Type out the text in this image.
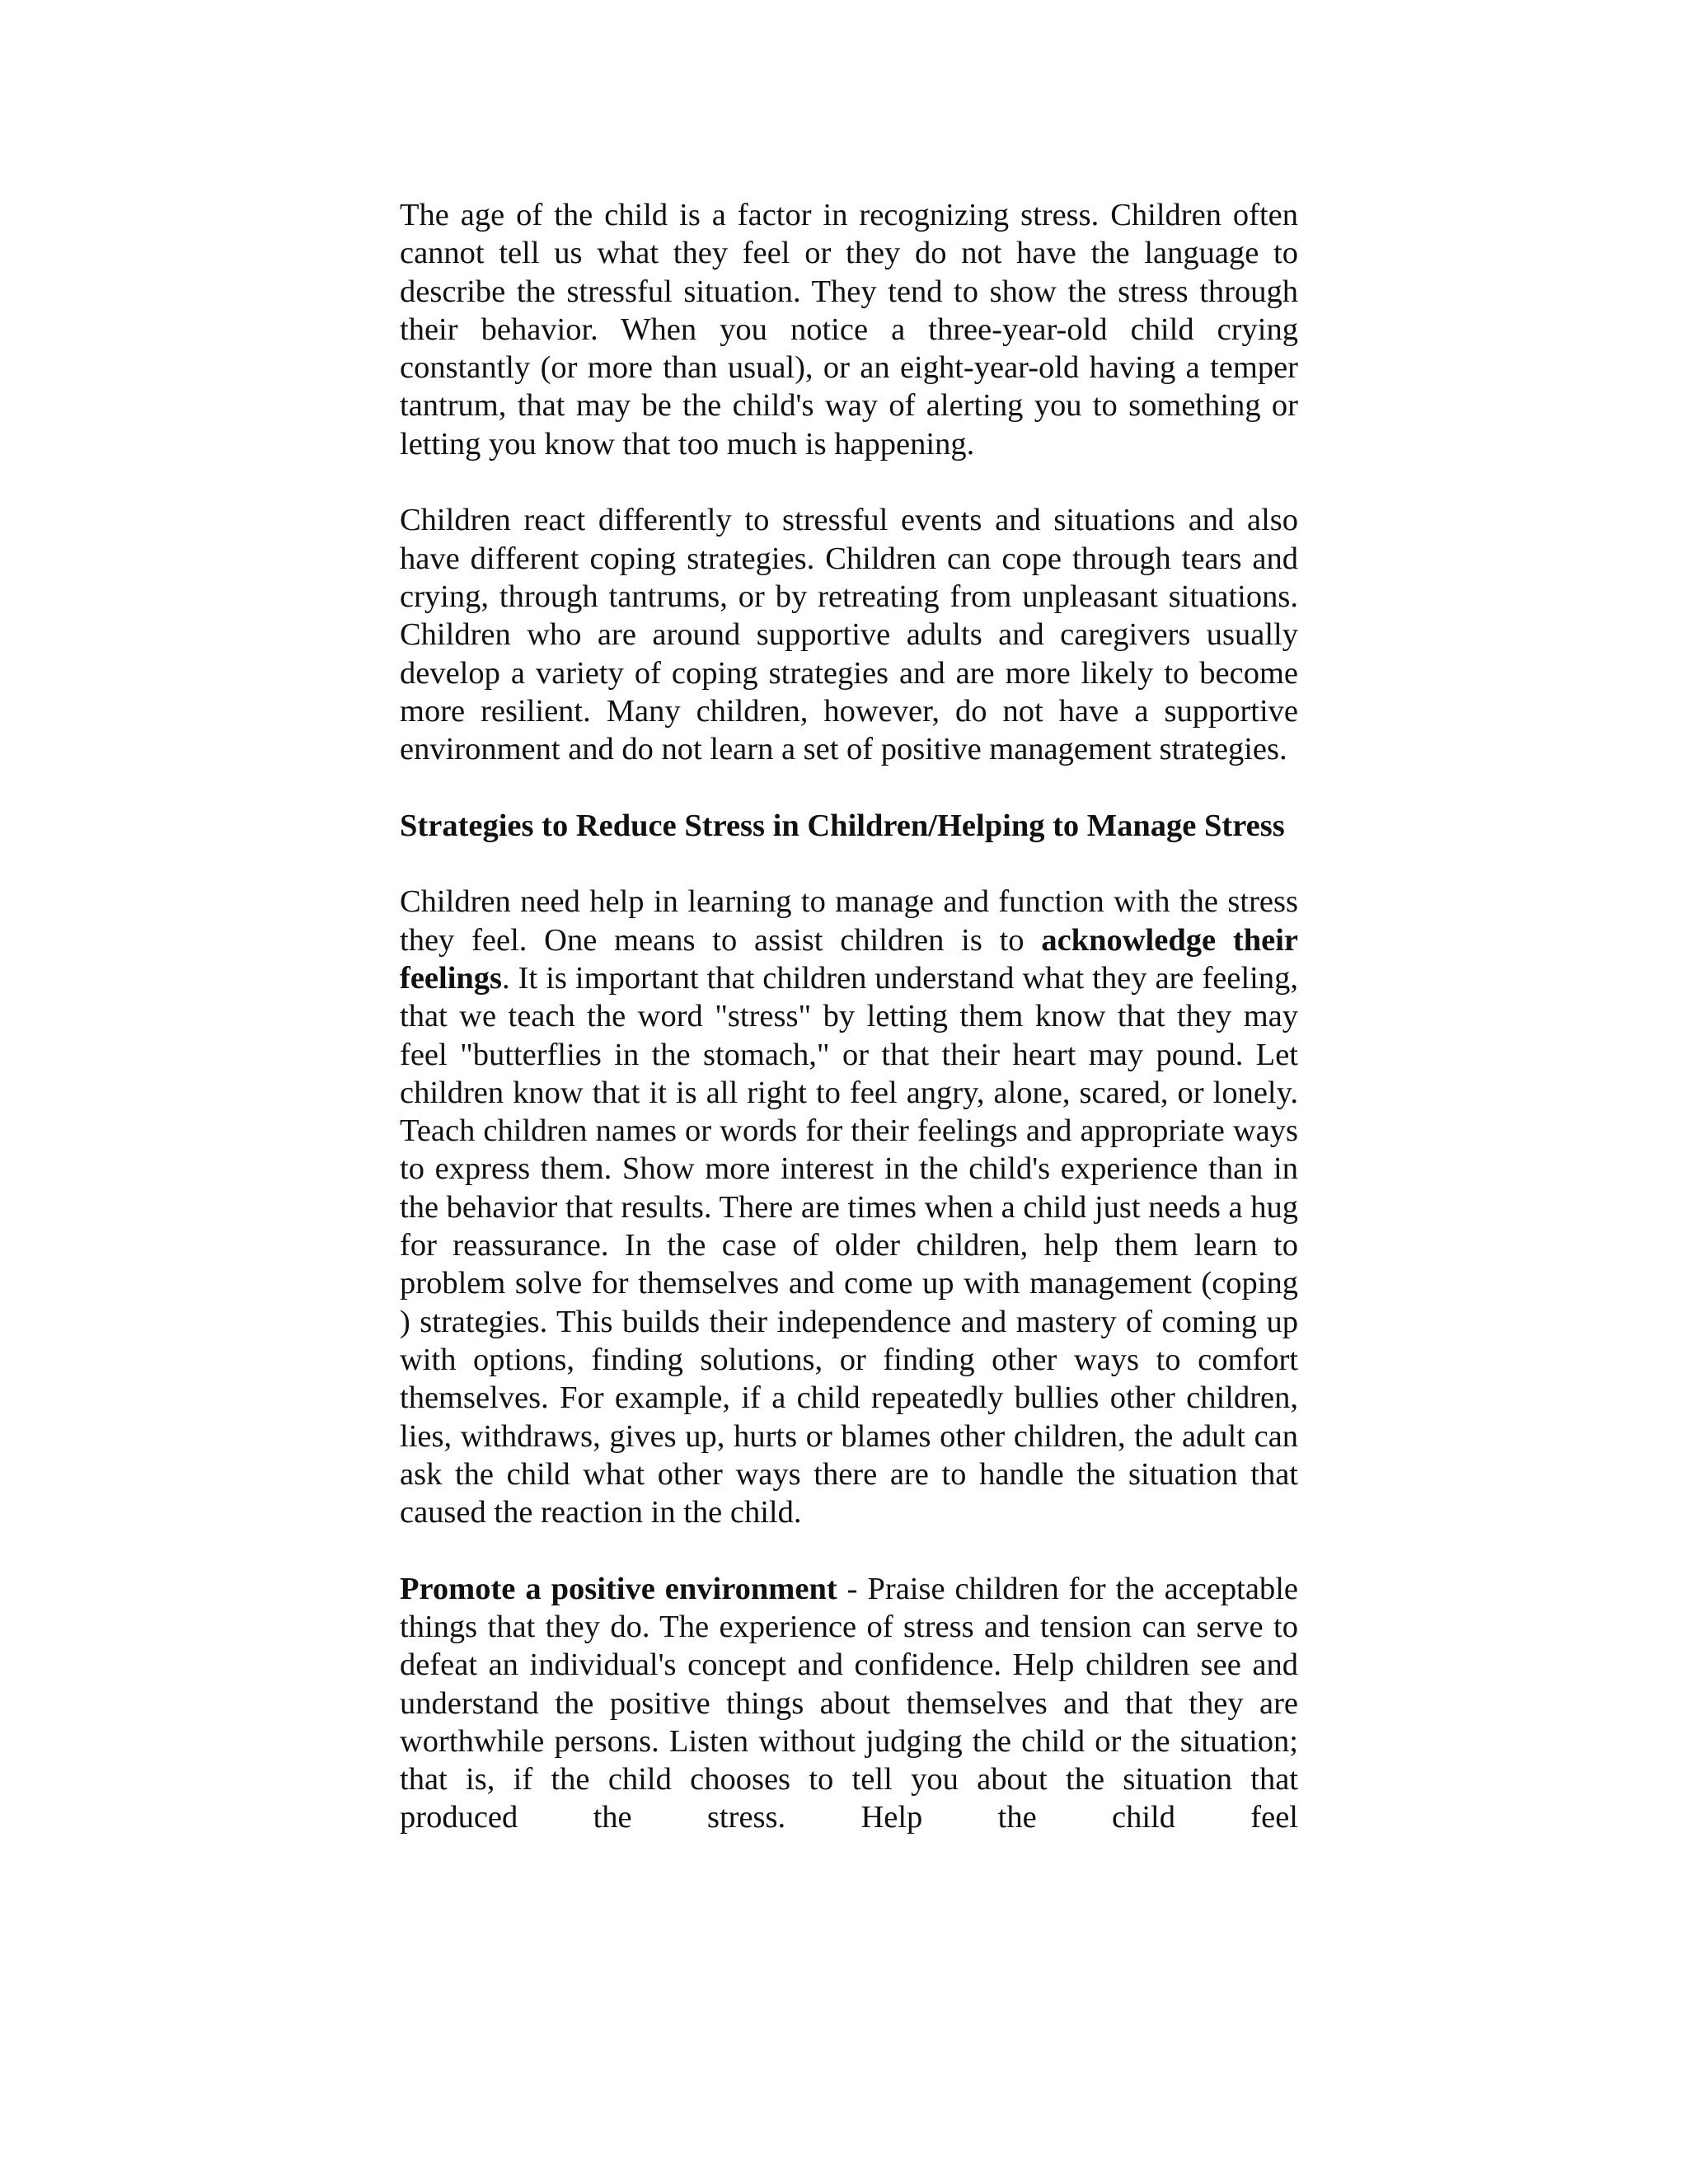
The age of the child is a factor in recognizing stress. Children often cannot tell us what they feel or they do not have the language to describe the stressful situation. They tend to show the stress through their behavior. When you notice a three-year-old child crying constantly (or more than usual), or an eight-year-old having a temper tantrum, that may be the child's way of alerting you to something or letting you know that too much is happening.

Children react differently to stressful events and situations and also have different coping strategies. Children can cope through tears and crying, through tantrums, or by retreating from unpleasant situations. Children who are around supportive adults and caregivers usually develop a variety of coping strategies and are more likely to become more resilient. Many children, however, do not have a supportive environment and do not learn a set of positive management strategies.

Strategies to Reduce Stress in Children/Helping to Manage Stress

Children need help in learning to manage and function with the stress they feel. One means to assist children is to acknowledge their feelings. It is important that children understand what they are feeling, that we teach the word "stress" by letting them know that they may feel "butterflies in the stomach," or that their heart may pound. Let children know that it is all right to feel angry, alone, scared, or lonely. Teach children names or words for their feelings and appropriate ways to express them. Show more interest in the child's experience than in the behavior that results. There are times when a child just needs a hug for reassurance. In the case of older children, help them learn to problem solve for themselves and come up with management (coping ) strategies. This builds their independence and mastery of coming up with options, finding solutions, or finding other ways to comfort themselves. For example, if a child repeatedly bullies other children, lies, withdraws, gives up, hurts or blames other children, the adult can ask the child what other ways there are to handle the situation that caused the reaction in the child.

Promote a positive environment - Praise children for the acceptable things that they do. The experience of stress and tension can serve to defeat an individual's concept and confidence. Help children see and understand the positive things about themselves and that they are worthwhile persons. Listen without judging the child or the situation; that is, if the child chooses to tell you about the situation that produced the stress. Help the child feel
